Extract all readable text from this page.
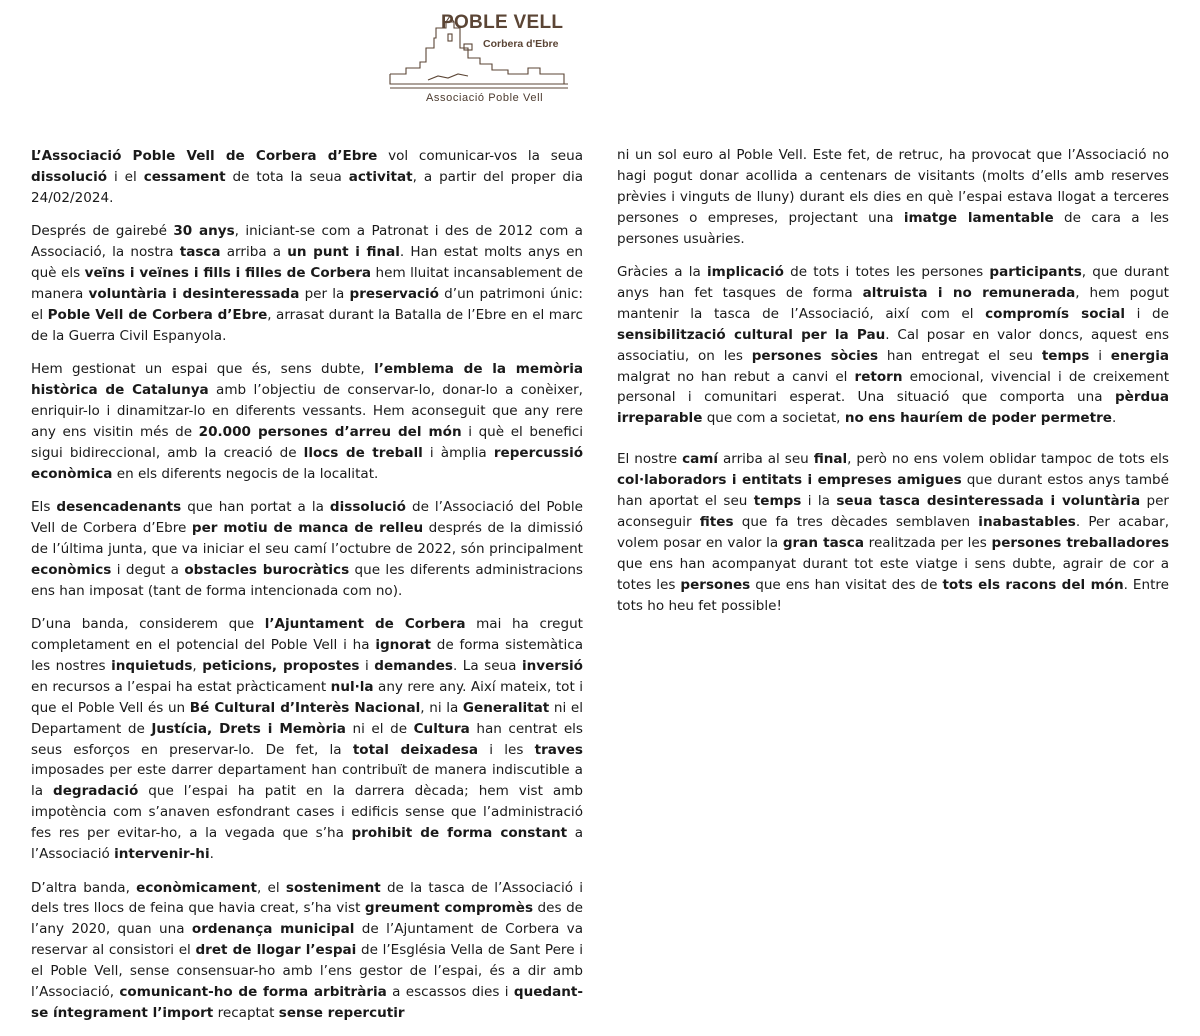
POBLE VELL
Corbera d'Ebre
Associació Poble Vell

L’Associació Poble Vell de Corbera d’Ebre vol comunicar-vos la seua dissolució i el cessament de tota la seua activitat, a partir del proper dia 24/02/2024.

Després de gairebé 30 anys, iniciant-se com a Patronat i des de 2012 com a Associació, la nostra tasca arriba a un punt i final. Han estat molts anys en què els veïns i veïnes i fills i filles de Corbera hem lluitat incansablement de manera voluntària i desinteressada per la preservació d’un patrimoni únic: el Poble Vell de Corbera d’Ebre, arrasat durant la Batalla de l’Ebre en el marc de la Guerra Civil Espanyola.

Hem gestionat un espai que és, sens dubte, l’emblema de la memòria històrica de Catalunya amb l’objectiu de conservar-lo, donar-lo a conèixer, enriquir-lo i dinamitzar-lo en diferents vessants. Hem aconseguit que any rere any ens visitin més de 20.000 persones d’arreu del món i què el benefici sigui bidireccional, amb la creació de llocs de treball i àmplia repercussió econòmica en els diferents negocis de la localitat.

Els desencadenants que han portat a la dissolució de l’Associació del Poble Vell de Corbera d’Ebre per motiu de manca de relleu després de la dimissió de l’última junta, que va iniciar el seu camí l’octubre de 2022, són principalment econòmics i degut a obstacles burocràtics que les diferents administracions ens han imposat (tant de forma intencionada com no).

D’una banda, considerem que l’Ajuntament de Corbera mai ha cregut completament en el potencial del Poble Vell i ha ignorat de forma sistemàtica les nostres inquietuds, peticions, propostes i demandes. La seua inversió en recursos a l’espai ha estat pràcticament nul·la any rere any. Així mateix, tot i que el Poble Vell és un Bé Cultural d’Interès Nacional, ni la Generalitat ni el Departament de Justícia, Drets i Memòria ni el de Cultura han centrat els seus esforços en preservar-lo. De fet, la total deixadesa i les traves imposades per este darrer departament han contribuït de manera indiscutible a la degradació que l’espai ha patit en la darrera dècada; hem vist amb impotència com s’anaven esfondrant cases i edificis sense que l’administració fes res per evitar-ho, a la vegada que s’ha prohibit de forma constant a l’Associació intervenir-hi.

D’altra banda, econòmicament, el sosteniment de la tasca de l’Associació i dels tres llocs de feina que havia creat, s’ha vist greument compromès des de l’any 2020, quan una ordenança municipal de l’Ajuntament de Corbera va reservar al consistori el dret de llogar l’espai de l’Església Vella de Sant Pere i el Poble Vell, sense consensuar-ho amb l’ens gestor de l’espai, és a dir amb l’Associació, comunicant-ho de forma arbitrària a escassos dies i quedant-se íntegrament l’import recaptat sense repercutir

ni un sol euro al Poble Vell. Este fet, de retruc, ha provocat que l’Associació no hagi pogut donar acollida a centenars de visitants (molts d’ells amb reserves prèvies i vinguts de lluny) durant els dies en què l’espai estava llogat a terceres persones o empreses, projectant una imatge lamentable de cara a les persones usuàries.

Gràcies a la implicació de tots i totes les persones participants, que durant anys han fet tasques de forma altruista i no remunerada, hem pogut mantenir la tasca de l’Associació, així com el compromís social i de sensibilització cultural per la Pau. Cal posar en valor doncs, aquest ens associatiu, on les persones sòcies han entregat el seu temps i energia malgrat no han rebut a canvi el retorn emocional, vivencial i de creixement personal i comunitari esperat. Una situació que comporta una pèrdua irreparable que com a societat, no ens hauríem de poder permetre.

El nostre camí arriba al seu final, però no ens volem oblidar tampoc de tots els col·laboradors i entitats i empreses amigues que durant estos anys també han aportat el seu temps i la seua tasca desinteressada i voluntària per aconseguir fites que fa tres dècades semblaven inabastables. Per acabar, volem posar en valor la gran tasca realitzada per les persones treballadores que ens han acompanyat durant tot este viatge i sens dubte, agrair de cor a totes les persones que ens han visitat des de tots els racons del món. Entre tots ho heu fet possible!
